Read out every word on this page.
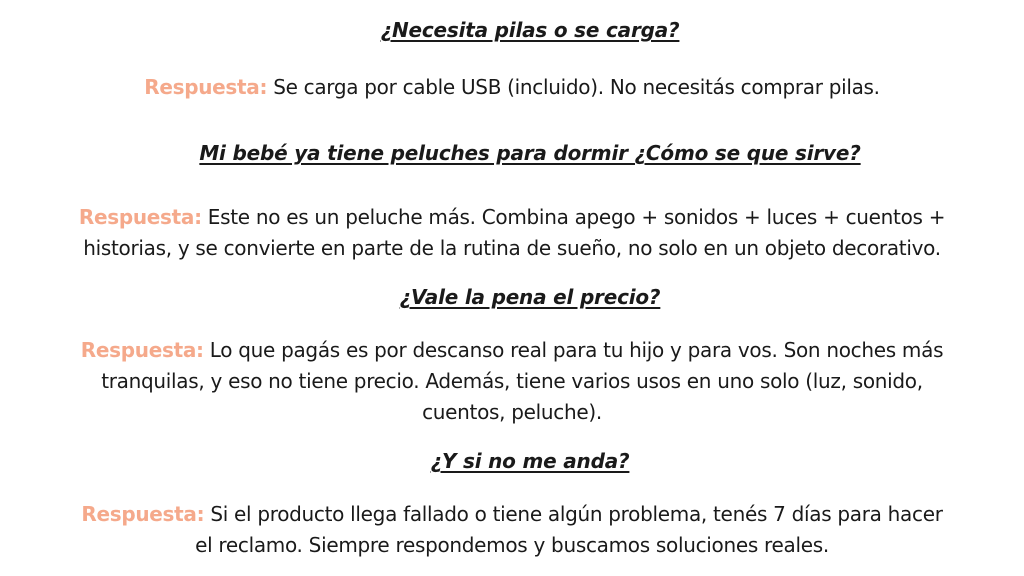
¿Necesita pilas o se carga?
Respuesta: Se carga por cable USB (incluido). No necesitás comprar pilas.
Mi bebé ya tiene peluches para dormir ¿Cómo se que sirve?
Respuesta: Este no es un peluche más. Combina apego + sonidos + luces + cuentos + historias, y se convierte en parte de la rutina de sueño, no solo en un objeto decorativo.
¿Vale la pena el precio?
Respuesta: Lo que pagás es por descanso real para tu hijo y para vos. Son noches más tranquilas, y eso no tiene precio. Además, tiene varios usos en uno solo (luz, sonido, cuentos, peluche).
¿Y si no me anda?
Respuesta: Si el producto llega fallado o tiene algún problema, tenés 7 días para hacer el reclamo. Siempre respondemos y buscamos soluciones reales.
